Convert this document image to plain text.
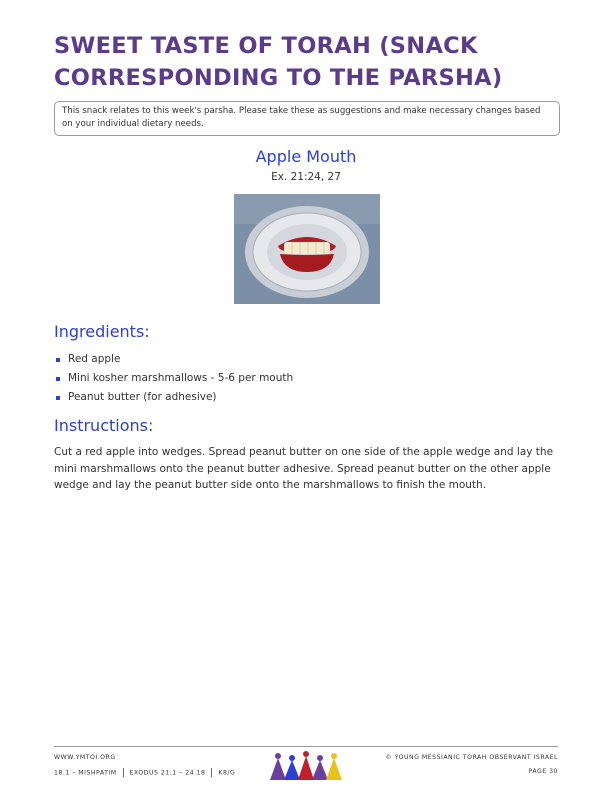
SWEET TASTE OF TORAH (SNACK CORRESPONDING TO THE PARSHA)
This snack relates to this week's parsha. Please take these as suggestions and make necessary changes based on your individual dietary needs.
Apple Mouth
Ex. 21:24, 27
Ingredients:
Red apple
Mini kosher marshmallows - 5-6 per mouth
Peanut butter (for adhesive)
Instructions:

Cut a red apple into wedges. Spread peanut butter on one side of the apple wedge and lay the mini marshmallows onto the peanut butter adhesive. Spread peanut butter on the other apple wedge and lay the peanut butter side onto the marshmallows to finish the mouth.

WWW.YMTOI.ORG
18.1 – MISHPATIM EXODUS 21.1 – 24.18 K8/G
© YOUNG MESSIANIC TORAH OBSERVANT ISRAEL
PAGE 30
